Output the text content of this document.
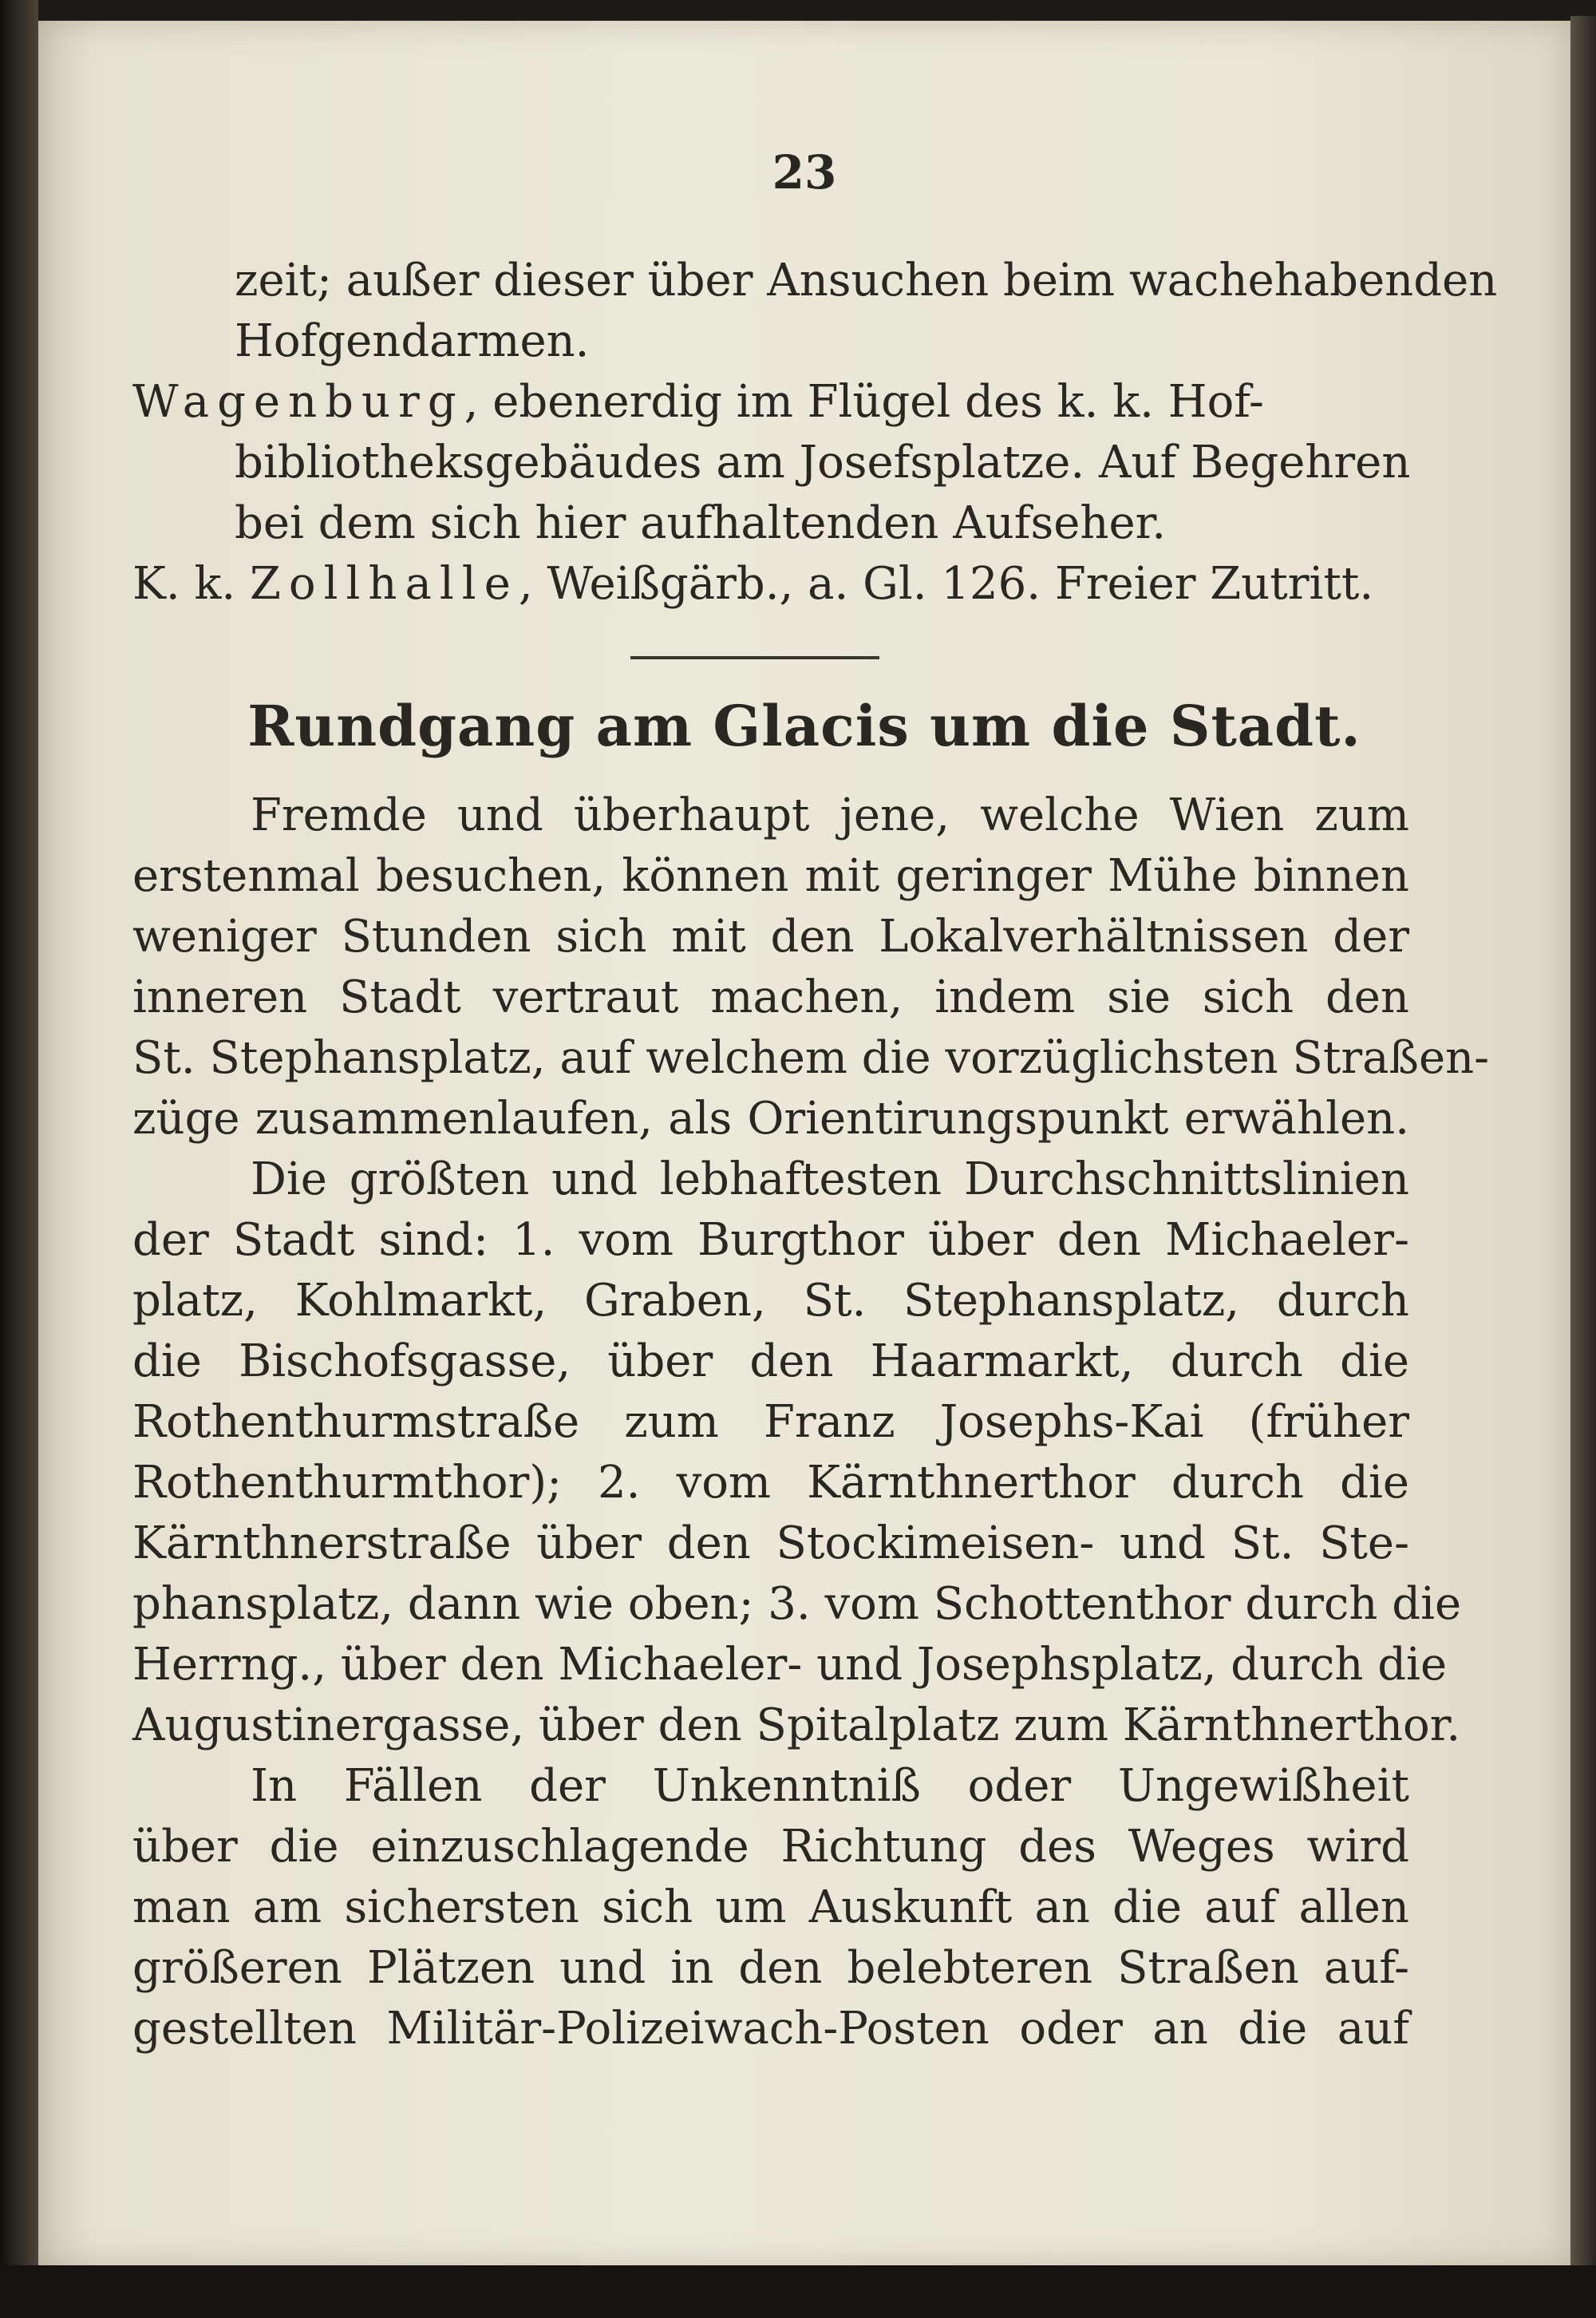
23
zeit; außer dieser über Ansuchen beim wachehabenden
Hofgendarmen.
Wagenburg, ebenerdig im Flügel des k. k. Hof-
bibliotheksgebäudes am Josefsplatze. Auf Begehren
bei dem sich hier aufhaltenden Aufseher.
K. k. Zollhalle, Weißgärb., a. Gl. 126. Freier Zutritt.
Rundgang am Glacis um die Stadt.
Fremde und überhaupt jene, welche Wien zum
erstenmal besuchen, können mit geringer Mühe binnen
weniger Stunden sich mit den Lokalverhältnissen der
inneren Stadt vertraut machen, indem sie sich den
St. Stephansplatz, auf welchem die vorzüglichsten Straßen-
züge zusammenlaufen, als Orientirungspunkt erwählen.
Die größten und lebhaftesten Durchschnittslinien
der Stadt sind: 1. vom Burgthor über den Michaeler-
platz, Kohlmarkt, Graben, St. Stephansplatz, durch
die Bischofsgasse, über den Haarmarkt, durch die
Rothenthurmstraße zum Franz Josephs-Kai (früher
Rothenthurmthor); 2. vom Kärnthnerthor durch die
Kärnthnerstraße über den Stockimeisen- und St. Ste-
phansplatz, dann wie oben; 3. vom Schottenthor durch die
Herrng., über den Michaeler- und Josephsplatz, durch die
Augustinergasse, über den Spitalplatz zum Kärnthnerthor.
In Fällen der Unkenntniß oder Ungewißheit
über die einzuschlagende Richtung des Weges wird
man am sichersten sich um Auskunft an die auf allen
größeren Plätzen und in den belebteren Straßen auf-
gestellten Militär-Polizeiwach-Posten oder an die auf
